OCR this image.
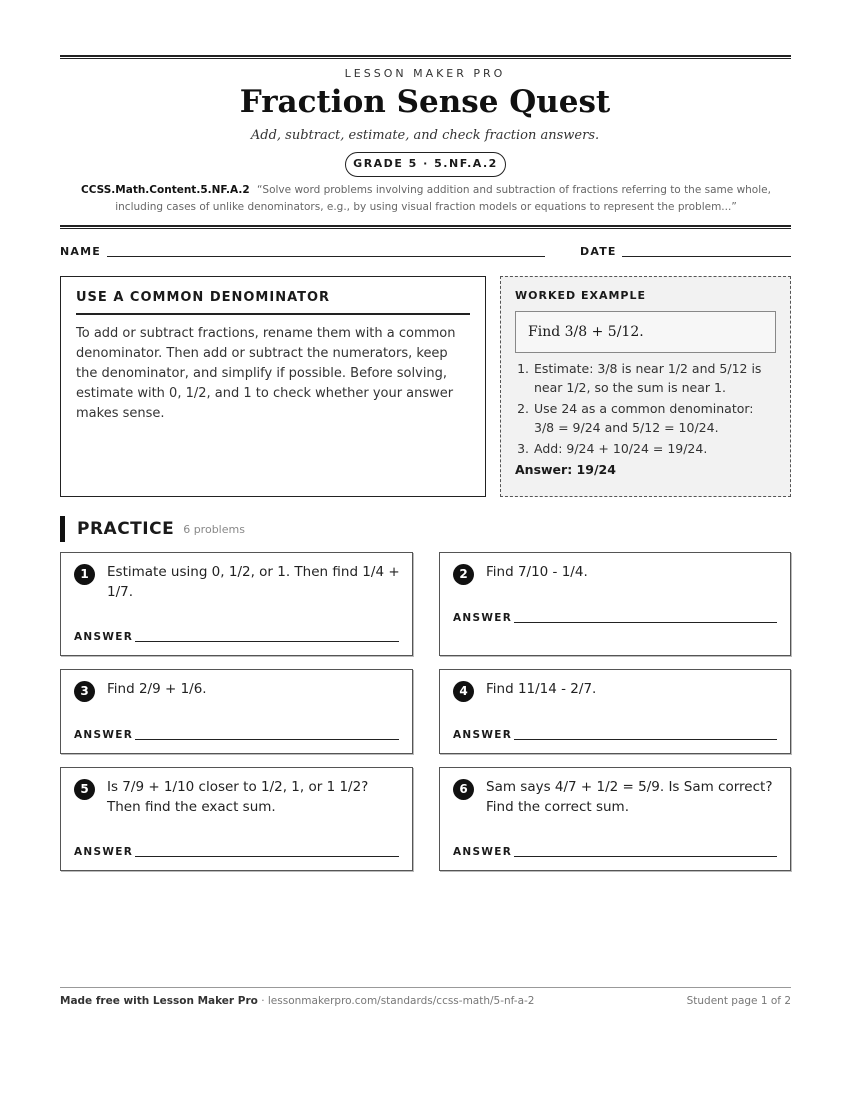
LESSON MAKER PRO
Fraction Sense Quest
Add, subtract, estimate, and check fraction answers.
GRADE 5 · 5.NF.A.2
CCSS.Math.Content.5.NF.A.2 “Solve word problems involving addition and subtraction of fractions referring to the same whole, including cases of unlike denominators, e.g., by using visual fraction models or equations to represent the problem...”
NAME	DATE
USE A COMMON DENOMINATOR
To add or subtract fractions, rename them with a common denominator. Then add or subtract the numerators, keep the denominator, and simplify if possible. Before solving, estimate with 0, 1/2, and 1 to check whether your answer makes sense.
WORKED EXAMPLE
Find 3/8 + 5/12.
1. Estimate: 3/8 is near 1/2 and 5/12 is near 1/2, so the sum is near 1.
2. Use 24 as a common denominator: 3/8 = 9/24 and 5/12 = 10/24.
3. Add: 9/24 + 10/24 = 19/24.
Answer: 19/24
PRACTICE 6 problems
1	Estimate using 0, 1/2, or 1. Then find 1/4 + 1/7.
ANSWER
2	Find 7/10 - 1/4.
ANSWER
3	Find 2/9 + 1/6.
ANSWER
4	Find 11/14 - 2/7.
ANSWER
5	Is 7/9 + 1/10 closer to 1/2, 1, or 1 1/2? Then find the exact sum.
ANSWER
6	Sam says 4/7 + 1/2 = 5/9. Is Sam correct? Find the correct sum.
ANSWER
Made free with Lesson Maker Pro · lessonmakerpro.com/standards/ccss-math/5-nf-a-2	Student page 1 of 2
